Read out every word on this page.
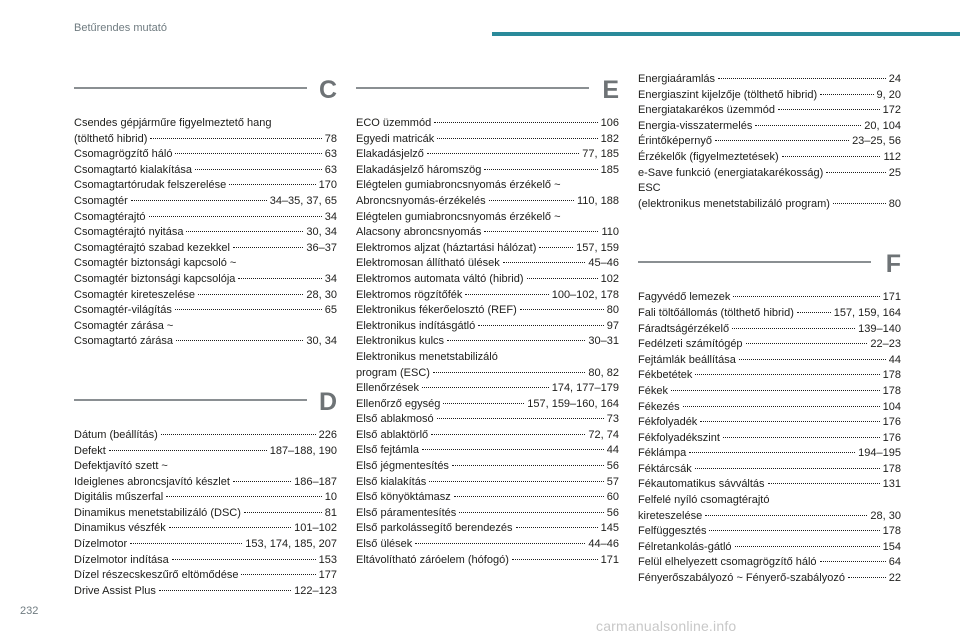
Betűrendes mutató
C
Csendes gépjárműre figyelmeztető hang
(tölthető hibrid)	78
Csomagrögzítő háló	63
Csomagtartó kialakítása	63
Csomagtartórudak felszerelése	170
Csomagtér	34–35, 37, 65
Csomagtérajtó	34
Csomagtérajtó nyitása	30, 34
Csomagtérajtó szabad kezekkel	36–37
Csomagtér biztonsági kapcsoló ~
Csomagtér biztonsági kapcsolója	34
Csomagtér kireteszelése	28, 30
Csomagtér-világítás	65
Csomagtér zárása ~
Csomagtartó zárása	30, 34
D
Dátum (beállítás)	226
Defekt	187–188, 190
Defektjavító szett ~
Ideiglenes abroncsjavító készlet	186–187
Digitális műszerfal	10
Dinamikus menetstabilizáló (DSC)	81
Dinamikus vészfék	101–102
Dízelmotor	153, 174, 185, 207
Dízelmotor indítása	153
Dízel részecskeszűrő eltömődése	177
Drive Assist Plus	122–123
E
ECO üzemmód	106
Egyedi matricák	182
Elakadásjelző	77, 185
Elakadásjelző háromszög	185
Elégtelen gumiabroncsnyomás érzékelő ~
Abroncsnyomás-érzékelés	110, 188
Elégtelen gumiabroncsnyomás érzékelő ~
Alacsony abroncsnyomás	110
Elektromos aljzat (háztartási hálózat)	157, 159
Elektromosan állítható ülések	45–46
Elektromos automata váltó (hibrid)	102
Elektromos rögzítőfék	100–102, 178
Elektronikus fékerőelosztó (REF)	80
Elektronikus indításgátló	97
Elektronikus kulcs	30–31
Elektronikus menetstabilizáló
program (ESC)	80, 82
Ellenőrzések	174, 177–179
Ellenőrző egység	157, 159–160, 164
Első ablakmosó	73
Első ablaktörlő	72, 74
Első fejtámla	44
Első jégmentesítés	56
Első kialakítás	57
Első könyöktámasz	60
Első páramentesítés	56
Első parkolássegítő berendezés	145
Első ülések	44–46
Eltávolítható záróelem (hófogó)	171
Energiaáramlás	24
Energiaszint kijelzője (tölthető hibrid)	9, 20
Energiatakarékos üzemmód	172
Energia-visszatermelés	20, 104
Érintőképernyő	23–25, 56
Érzékelők (figyelmeztetések)	112
e-Save funkció (energiatakarékosság)	25
ESC
(elektronikus menetstabilizáló program)	80
F
Fagyvédő lemezek	171
Fali töltőállomás (tölthető hibrid)	157, 159, 164
Fáradtságérzékelő	139–140
Fedélzeti számítógép	22–23
Fejtámlák beállítása	44
Fékbetétek	178
Fékek	178
Fékezés	104
Fékfolyadék	176
Fékfolyadékszint	176
Féklámpa	194–195
Féktárcsák	178
Fékautomatikus sávváltás	131
Felfelé nyíló csomagtérajtó
kireteszelése	28, 30
Felfüggesztés	178
Félretankolás-gátló	154
Felül elhelyezett csomagrögzítő háló	64
Fényerőszabályozó ~ Fényerő-szabályozó	22
232
carmanualsonline.info
